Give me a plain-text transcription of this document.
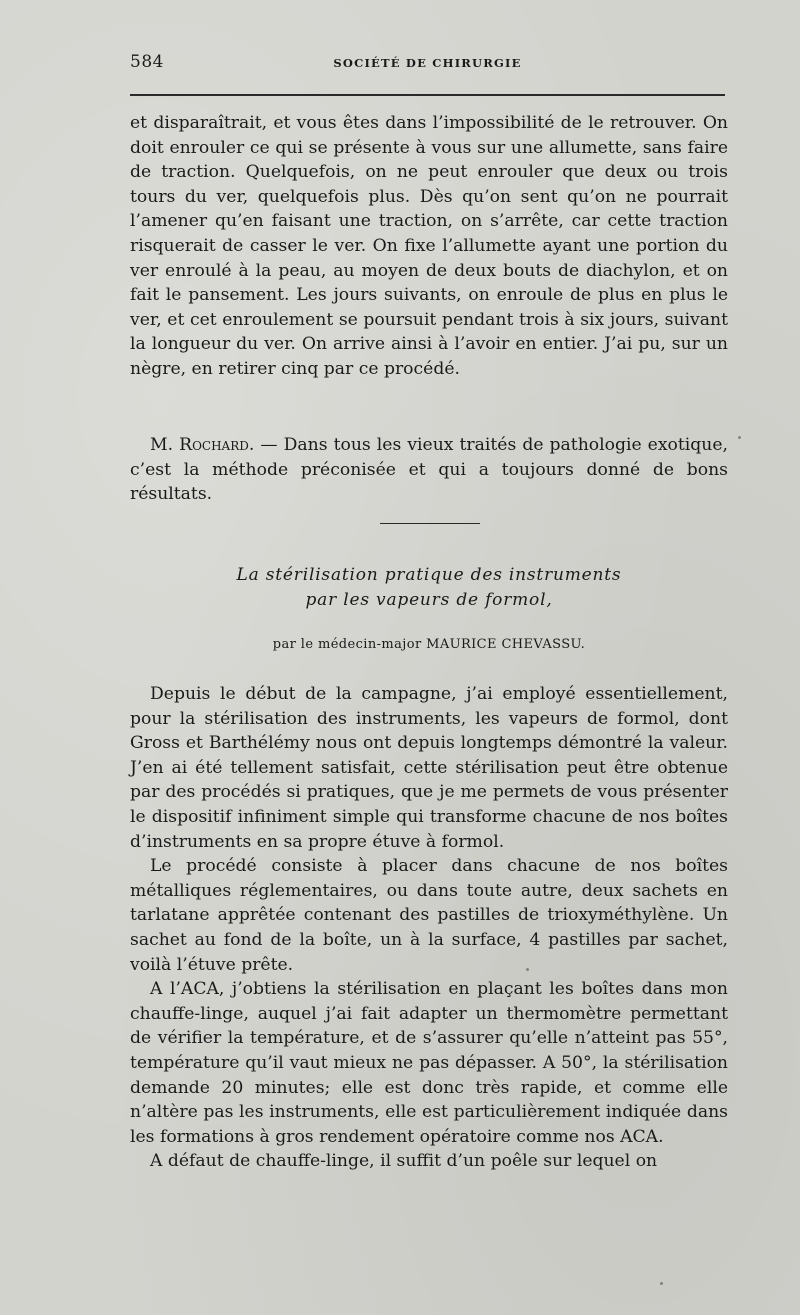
584	SOCIÉTÉ DE CHIRURGIE

et disparaîtrait, et vous êtes dans l’impossibilité de le retrouver. On doit enrouler ce qui se présente à vous sur une allumette, sans faire de traction. Quelquefois, on ne peut enrouler que deux ou trois tours du ver, quelquefois plus. Dès qu’on sent qu’on ne pourrait l’amener qu’en faisant une traction, on s’arrête, car cette traction risquerait de casser le ver. On fixe l’allumette ayant une portion du ver enroulé à la peau, au moyen de deux bouts de diachylon, et on fait le pansement. Les jours suivants, on enroule de plus en plus le ver, et cet enroulement se poursuit pendant trois à six jours, suivant la longueur du ver. On arrive ainsi à l’avoir en entier. J’ai pu, sur un nègre, en retirer cinq par ce procédé.

M. Rochard. — Dans tous les vieux traités de pathologie exotique, c’est la méthode préconisée et qui a toujours donné de bons résultats.

La stérilisation pratique des instruments
par les vapeurs de formol,
par le médecin-major MAURICE CHEVASSU.

Depuis le début de la campagne, j’ai employé essentiellement, pour la stérilisation des instruments, les vapeurs de formol, dont Gross et Barthélémy nous ont depuis longtemps démontré la valeur. J’en ai été tellement satisfait, cette stérilisation peut être obtenue par des procédés si pratiques, que je me permets de vous présenter le dispositif infiniment simple qui transforme chacune de nos boîtes d’instruments en sa propre étuve à formol.

Le procédé consiste à placer dans chacune de nos boîtes métalliques réglementaires, ou dans toute autre, deux sachets en tarlatane apprêtée contenant des pastilles de trioxyméthylène. Un sachet au fond de la boîte, un à la surface, 4 pastilles par sachet, voilà l’étuve prête.

A l’ACA, j’obtiens la stérilisation en plaçant les boîtes dans mon chauffe-linge, auquel j’ai fait adapter un thermomètre permettant de vérifier la température, et de s’assurer qu’elle n’atteint pas 55°, température qu’il vaut mieux ne pas dépasser. A 50°, la stérilisation demande 20 minutes; elle est donc très rapide, et comme elle n’altère pas les instruments, elle est particulièrement indiquée dans les formations à gros rendement opératoire comme nos ACA.

A défaut de chauffe-linge, il suffit d’un poêle sur lequel on
